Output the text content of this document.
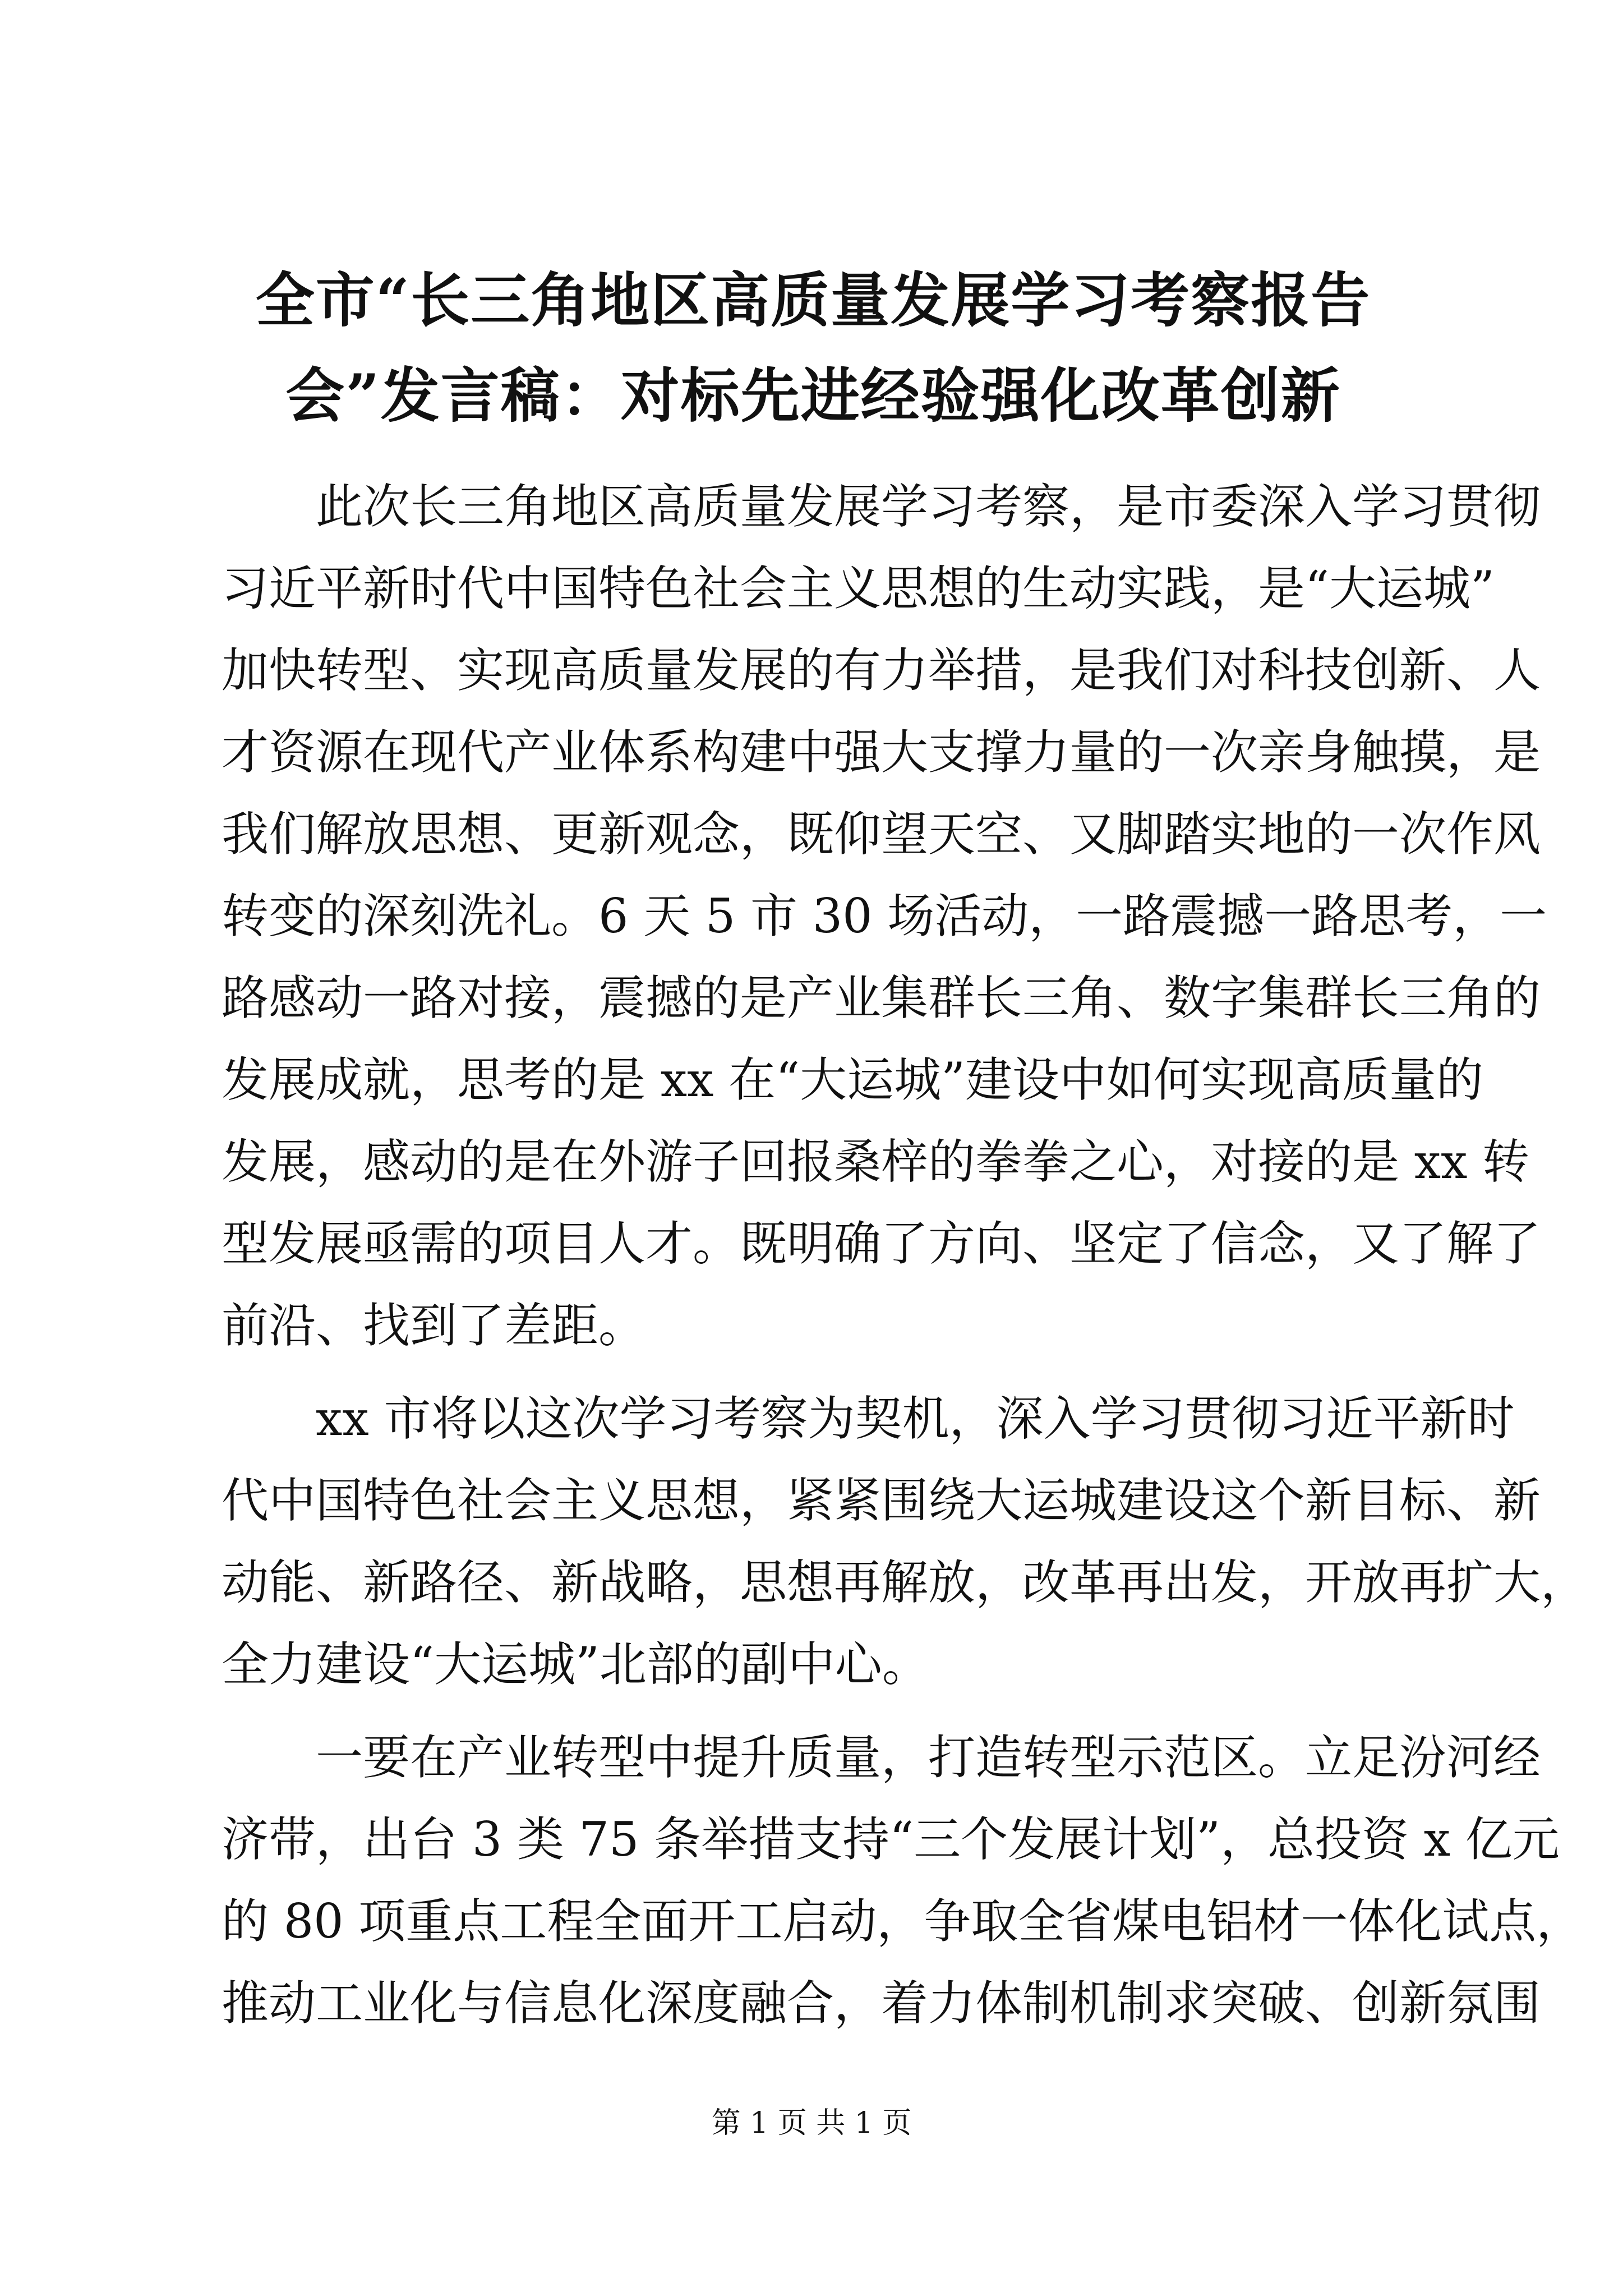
全市“长三角地区高质量发展学习考察报告
会”发言稿：对标先进经验强化改革创新
此次长三角地区高质量发展学习考察，是市委深入学习贯彻
习近平新时代中国特色社会主义思想的生动实践，是“大运城”
加快转型、实现高质量发展的有力举措，是我们对科技创新、人
才资源在现代产业体系构建中强大支撑力量的一次亲身触摸，是
我们解放思想、更新观念，既仰望天空、又脚踏实地的一次作风
转变的深刻洗礼。6 天 5 市 30 场活动，一路震撼一路思考，一
路感动一路对接，震撼的是产业集群长三角、数字集群长三角的
发展成就，思考的是 xx 在“大运城”建设中如何实现高质量的
发展，感动的是在外游子回报桑梓的拳拳之心，对接的是 xx 转
型发展亟需的项目人才。既明确了方向、坚定了信念，又了解了
前沿、找到了差距。
xx 市将以这次学习考察为契机，深入学习贯彻习近平新时
代中国特色社会主义思想，紧紧围绕大运城建设这个新目标、新
动能、新路径、新战略，思想再解放，改革再出发，开放再扩大，
全力建设“大运城”北部的副中心。
一要在产业转型中提升质量，打造转型示范区。立足汾河经
济带，出台 3 类 75 条举措支持“三个发展计划”，总投资 x 亿元
的 80 项重点工程全面开工启动，争取全省煤电铝材一体化试点，
推动工业化与信息化深度融合，着力体制机制求突破、创新氛围
第 1 页 共 1 页
